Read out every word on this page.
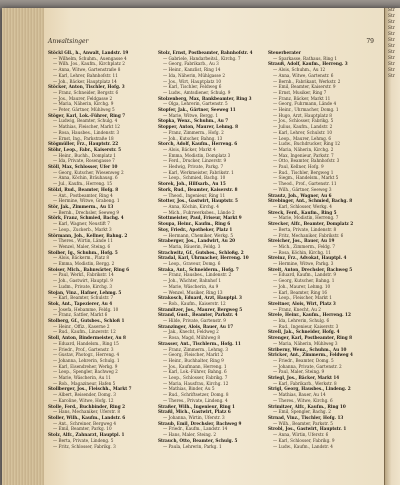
Anwaltsinger	79
Stöckl Gll., h., Anwalt, Landstr. 19
— Wilhelm, Schuhm., Auengasse 4
— Wilh. Jos., Kaufm., Kirchplatz 2
— Anna, Witwe, Gartenstraße 8
— Karl, Lehrer, Bahnhofstr. 11
— Joh., Bäcker, Hauptplatz 14
Stöcker, Anton, Tischler, Hofg. 3
— Franz, Schneider, Bergstr. 6
— Jos., Maurer, Feldgasse 2
— Maria, Näherin, Kirchg. 9
— Peter, Gärtner, Mühlweg 5
Stöger, Karl, Lok.-Führer, Ring 7
— Ludwig, Beamter, Schulg. 4
— Mathias, Fleischer, Markt 12
— Rosa, Hausbes., Lindenstr. 3
— Ernst, Ing., Parkstraße 18
Stögmüller, Frz., Hauptstr. 22
Stöhr, Leop., Fabr., Kaiserstr. 5
— Heinr., Buchh., Domplatz 1
— Ida, Private, Rosengasse 7
Stöll, Max, Schlosser, Ufer 10
— Georg, Kutscher, Wiesenweg 2
— Anna, Köchin, Bräuhausg. 6
— Jul., Kaufm., Herreng. 15
Stölzl, Rud., Beamter, Hofg. 8
— Ant., Postbeamter, Ring 4
— Hermine, Witwe, Grabeng. 1
Stör, Jak., Zimmerm., Au 13
— Bernh., Drechsler, Seeweg 9
Störk, Franz, Schmied, Bachg. 4
— Karl, Wagner, Neustift 7
— Leop., Zuckerb., Markt 3
Störmann, Joh., Kellner, Bahng. 2
— Theres., Wirtin, Lände 11
— Wenzel, Maler, Steing. 6
Stoiber, Ig., Schuhm., Hofg. 5
— Alois, Bäckerm., Platz 8
— Emma, Modistin, Bergg. 2
Stoiser, Mich., Bahnwärter, Ring 6
— Paul, Werkf., Fabrikstr. 14
— Joh., Gastwirt, Hauptpl. 9
— Ludm., Private, Kirchg. 3
Stojan, Vinz., Hafner, Lehmg. 5
— Karl, Beamter, Schulstr. 7
Stok, Ant., Tapezierer, Au 4
— Josefa, Hebamme, Feldg. 10
— Franz, Sattler, Markt 6
Stolberg, Gf., Gutsbes., Schloß 1
— Heinr., Offiz., Kaserne 2
— Rud., Kaufm., Linzerstr. 12
Stoll, Anton, Bindermeister, Au 8
— Eduard, Handelsm., Ring 15
— Friedr., Prof., Gartenstr. 3
— Gustav, Photogr., Herreng. 4
— Johanna, Lehrerin, Schulg. 1
— Karl, Eisendreher, Werkg. 9
— Leop., Spengler, Bachweg 2
— Marie, Wäscherin, Au 11
— Rob., Magazineur, Hafen 5
Stollberger, Jos., Fleischh., Markt 7
— Albert, Reisender, Domg. 3
— Karoline, Witwe, Hofg. 12
Stolle, Ferd., Buchbinder, Ring 2
— Hans, Mechaniker, Uferstr. 8
Stoller, Wilh., Kaufm., Landstr. 6
— Ant., Schreiner, Bergweg 4
— Emil, Beamter, Parkg. 10
Stolz, Alfr., Zahnarzt, Hauptpl. 1
— Berta, Private, Lindeng. 5
— Fritz, Schlosser, Fabrikg. 3
Stolz, Ernst, Postbeamter, Bahnhofstr. 4
— Gabriele, Handarbeitsl., Kirchg. 7
— Georg, Fabrikarb., Au 3
— Heinr., Kanzlist, Ring 14
— Ida, Näherin, Mühlgasse 2
— Jos., Wirt, Hauptplatz 10
— Karl, Tischler, Feldweg 6
— Ludw., Amtsdiener, Schulg. 9
Stolzenberg, Max, Bankbeamter, Ring 3
— Olga, Lehrerin, Gartenstr. 5
Stopfer, Jak., Gärtner, Seeweg 11
— Marie, Witwe, Bergg. 1
Stopka, Wenz., Schuhm., Au 7
Stopper, Anton, Maurer, Lehmg. 8
— Franz, Zimmerm., Hofg. 2
— Joh., Kutscher, Bahng. 13
Storch, Adolf, Kaufm., Herreng. 6
— Alois, Bäcker, Markt 4
— Emma, Modistin, Domplatz 3
— Ferd., Drucker, Linzerstr. 9
— Hedwig, Private, Parkg. 7
— Karl, Werkmeister, Fabrikstr. 1
— Leop., Schmied, Bachg. 10
Storek, Joh., Hilfsarb., Au 15
Stork, Rud., Beamter, Kaiserstr. 8
— Theod., Ingenieur, Ring 11
Stotter, Jos., Gastwirt, Hauptstr. 5
— Anna, Köchin, Kirchg. 4
— Mich., Fuhrwerksbes., Lände 2
Stottmeister, Paul, Friseur, Markt 9
Stoupa, Heinr., Kaufm., Ring 6
Stoy, Friedr., Apotheker, Platz 1
— Hermann, Chemiker, Werkg. 5
Straberger, Jos., Landwirt, Au 20
— Maria, Bäuerin, Feldg. 3
Strachwitz, Gf., Gutsbes., Schloßg. 2
Stradal, Karl, Uhrmacher, Herreng. 10
— Leop., Graveur, Domg. 6
Straka, Ant., Schneiderm., Hofg. 7
— Franz, Hausbes., Lindenstr. 2
— Joh., Wächter, Bahnhof 1
— Marie, Wäscherin, Au 9
— Wenzel, Musiker, Ring 13
Strakosch, Eduard, Arzt, Hauptpl. 3
— Rob., Kaufm., Kaiserstr. 12
Stramitzer, Jos., Maurer, Bergweg 5
Strand, Gust., Beamter, Parkstr. 4
— Hilde, Private, Gartenstr. 9
Stranzinger, Alois, Bauer, Au 17
— Jak., Knecht, Feldweg 2
— Rosa, Magd, Mühlweg 8
Strasser, Ant., Tischlerm., Hofg. 11
— Franz, Zimmerm., Lehmg. 3
— Georg, Fleischer, Markt 2
— Heinr., Buchhalter, Ring 9
— Jos., Kaufmann, Herreng. 1
— Karl, Lok.-Führer, Bahng. 6
— Leop., Schlosser, Fabrikg. 7
— Maria, Hausfrau, Kirchg. 12
— Mathias, Binder, Au 5
— Rud., Schriftsetzer, Domg. 8
— Theres., Private, Lindeng. 4
Straßer, Wilh., Ingenieur, Ring 1
Straßl, Mich., Gastwirt, Platz 6
— Johanna, Wirtin, Uferstr. 3
Straub, Emil, Drechsler, Bachweg 9
— Friedr., Kaufm., Landstr. 14
— Hans, Maler, Steing. 2
Strauch, Otto, Beamter, Schulg. 5
— Paula, Lehrerin, Parkg. 1
Steuerberater
— Sparkasse, Rathaus, Ring 1
Strauß, Adolf, Kaufm., Herreng. 3
— Alois, Schuhm., Au 12
— Anna, Witwe, Gartenstr. 6
— Bernh., Fabrikant, Werkstr. 2
— Emil, Beamter, Kaiserstr. 9
— Ernst, Musiker, Ring 7
— Franz, Bäcker, Markt 11
— Georg, Fuhrmann, Lände 4
— Heinr., Uhrmacher, Domg. 1
— Hugo, Arzt, Hauptplatz 8
— Jos., Schlosser, Fabrikg. 5
— Julius, Kaufm., Landstr. 2
— Karl, Lehrer, Schulstr. 10
— Leop., Maurer, Lehmg. 6
— Ludw., Buchdrucker, Ring 12
— Maria, Näherin, Kirchg. 2
— Max, Ingenieur, Parkstr. 7
— Otto, Beamter, Bahnhofstr. 3
— Paul, Kellner, Hofg. 9
— Rud., Tischler, Bergweg 1
— Siegm., Handelsm., Markt 5
— Theod., Prof., Gartenstr. 11
— Wilh., Gärtner, Seeweg 3
Strautz, Joh., Wagner, Au 6
Strebinger, Ant., Schmied, Bachg. 8
— Karl, Schlosser, Werkg. 4
Streck, Ferd., Kaufm., Ring 5
— Marie, Modistin, Herreng. 7
Strecker, Alfr., Beamter, Domplatz 2
— Berta, Private, Lindenstr. 8
— Fritz, Mechaniker, Fabrikstr. 6
Streicher, Jos., Bauer, Au 19
— Mich., Zimmerm., Feldg. 7
— Rosa, Köchin, Kirchg. 11
Streinz, Frz., Advokat, Hauptpl. 4
— Hermine, Witwe, Parkg. 3
Streit, Anton, Drechsler, Bachweg 5
— Eduard, Kaufm., Landstr. 9
— Georg, Kutscher, Bahng. 1
— Joh., Maurer, Lehmg. 10
— Karl, Beamter, Ring 16
— Leop., Fleischer, Markt 1
Streitner, Alois, Wirt, Platz 3
— Franz, Knecht, Au 2
Strele, Heinr., Kaufm., Herreng. 12
— Ida, Lehrerin, Schulg. 6
— Rud., Ingenieur, Kaiserstr. 3
Strell, Jak., Schneider, Hofg. 4
Strenger, Karl, Postbeamter, Ring 8
— Maria, Näherin, Mühlweg 3
Striberny, Wenz., Schuhm., Au 10
Stricker, Ant., Zimmerm., Feldweg 4
— Friedr., Beamter, Domg. 5
— Johanna, Private, Gartenstr. 2
— Paul, Maler, Steing. 9
Striegl, Jos., Bäcker, Markt 14
— Karl, Fabrikarb., Werkstr. 8
Strigl, Georg, Hausbes., Lindeng. 2
— Mathias, Bauer, Au 14
— Theres., Witwe, Kirchg. 6
Strimitzer, Alfr., Kaufm., Ring 10
— Emil, Spengler, Bachg. 2
Strnad, Vinz., Tischler, Hofg. 13
— Wilh., Beamter, Parkstr. 5
Strobl, Jos., Gastwirt, Hauptstr. 1
— Anna, Wirtin, Uferstr. 6
— Karl, Schlosser, Fabrikg. 9
— Ludw., Kaufm., Landstr. 4
Str
Str
Str
Str
Str
Str
Str
Str
Str
Str
Str
Str
